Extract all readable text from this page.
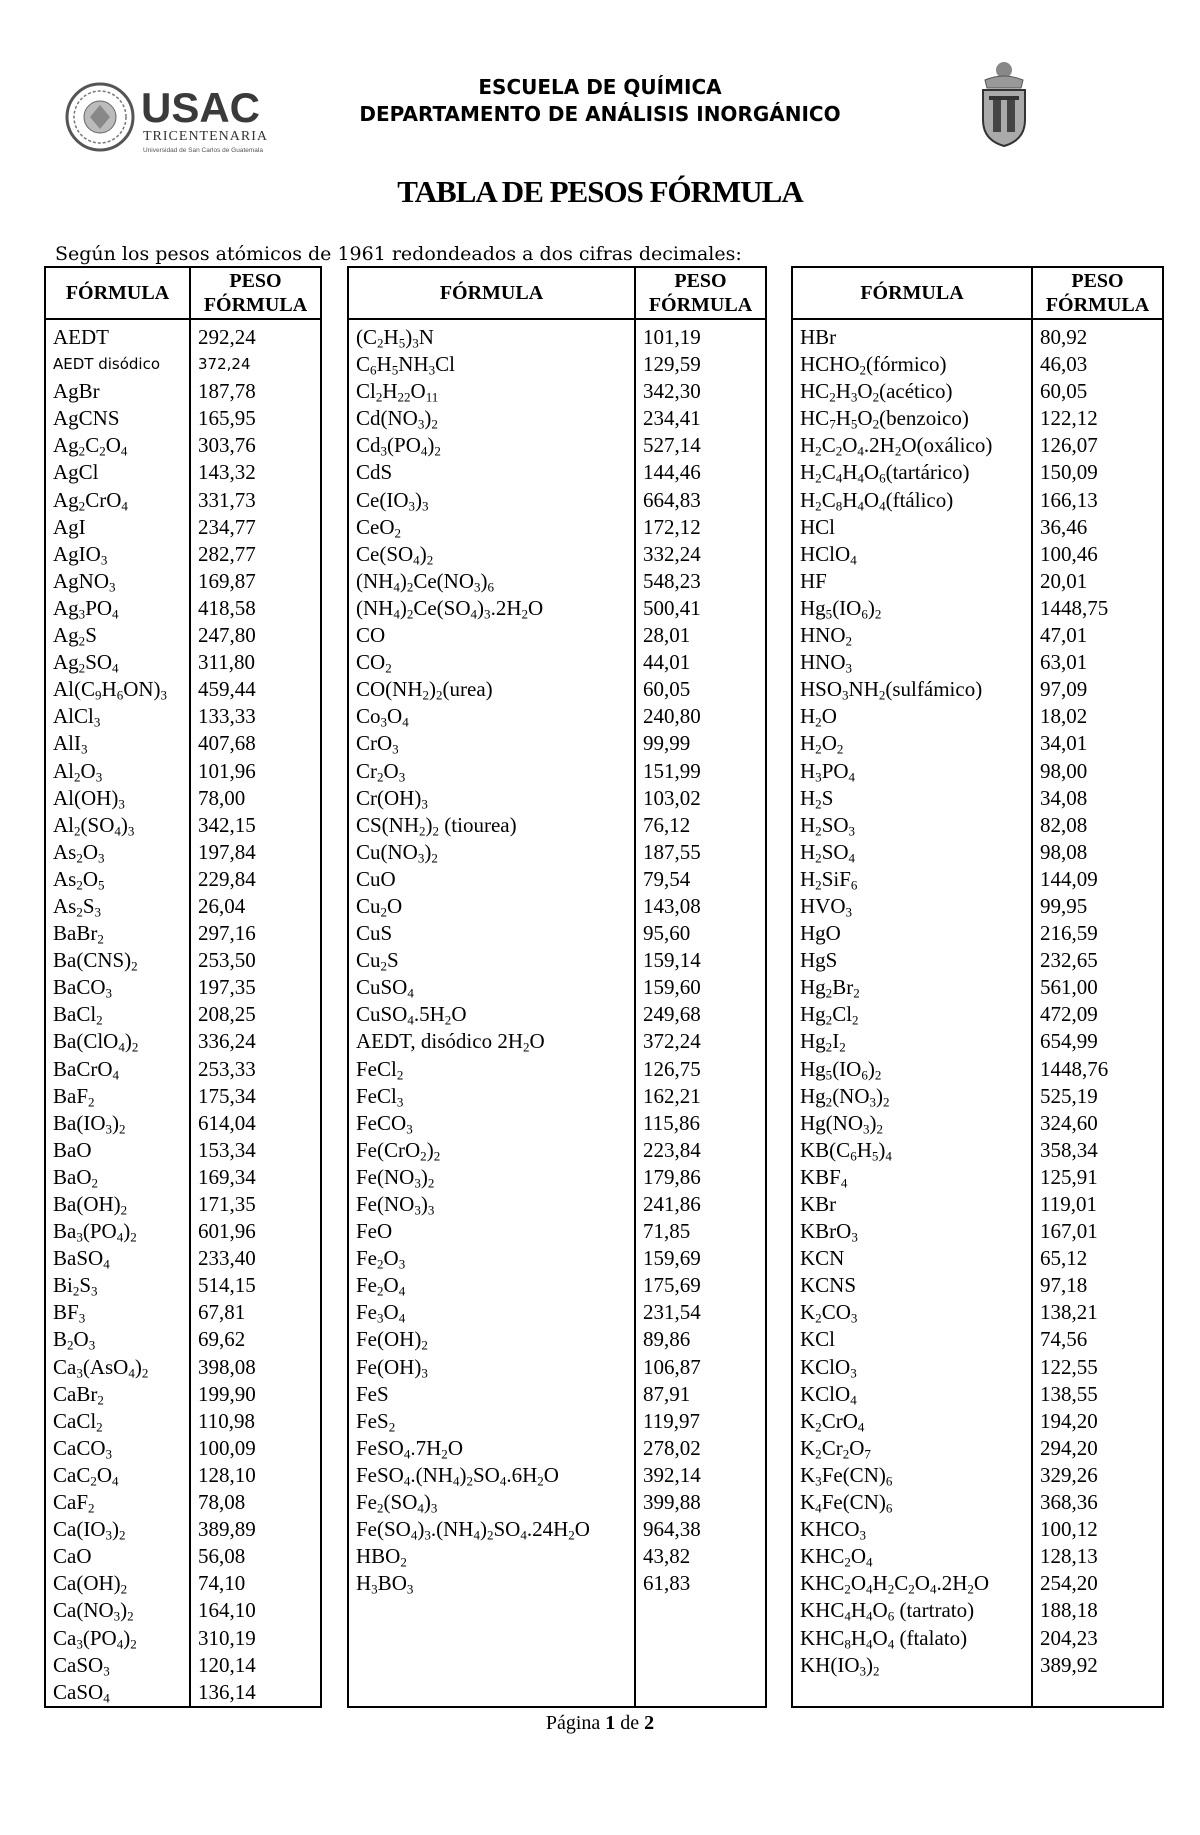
USAC
TRICENTENARIA
Universidad de San Carlos de Guatemala
ESCUELA DE QUÍMICA
DEPARTAMENTO DE ANÁLISIS INORGÁNICO
TABLA DE PESOS FÓRMULA
Según los pesos atómicos de 1961 redondeados a dos cifras decimales:
FÓRMULA	PESO
FÓRMULA
AEDT	292,24
AEDT disódico	372,24
AgBr	187,78
AgCNS	165,95
$Ag_2C_2O_4$	303,76
AgCl	143,32
$Ag_2CrO_4$	331,73
AgI	234,77
AgIO$_3$	282,77
AgNO$_3$	169,87
$Ag_3PO_4$	418,58
$Ag_2S$	247,80
$Ag_2SO_4$	311,80
$Al(C_9H_6ON)_3$	459,44
AlCl$_3$	133,33
AlI$_3$	407,68
$Al_2O_3$	101,96
$Al(OH)_3$	78,00
$Al_2(SO_4)_3$	342,15
$As_2O_3$	197,84
$As_2O_5$	229,84
$As_2S_3$	26,04
BaBr$_2$	297,16
$Ba(CNS)_2$	253,50
BaCO$_3$	197,35
BaCl$_2$	208,25
$Ba(ClO_4)_2$	336,24
BaCrO$_4$	253,33
BaF$_2$	175,34
$Ba(IO_3)_2$	614,04
BaO	153,34
BaO$_2$	169,34
$Ba(OH)_2$	171,35
$Ba_3(PO_4)_2$	601,96
BaSO$_4$	233,40
$Bi_2S_3$	514,15
$BF_3$	67,81
$B_2O_3$	69,62
$Ca_3(AsO_4)_2$	398,08
CaBr$_2$	199,90
CaCl$_2$	110,98
CaCO$_3$	100,09
$CaC_2O_4$	128,10
CaF$_2$	78,08
$Ca(IO_3)_2$	389,89
CaO	56,08
$Ca(OH)_2$	74,10
$Ca(NO_3)_2$	164,10
$Ca_3(PO_4)_2$	310,19
CaSO$_3$	120,14
CaSO$_4$	136,14
FÓRMULA	PESO
FÓRMULA
$(C_2H_5)_3N$	101,19
$C_6H_5NH_3Cl$	129,59
$Cl_2H_{22}O_{11}$	342,30
$Cd(NO_3)_2$	234,41
$Cd_3(PO_4)_2$	527,14
CdS	144,46
$Ce(IO_3)_3$	664,83
CeO$_2$	172,12
$Ce(SO_4)_2$	332,24
$(NH_4)_2Ce(NO_3)_6$	548,23
$(NH_4)_2Ce(SO_4)_3.2H_2O$	500,41
CO	28,01
$CO_2$	44,01
$CO(NH_2)_2(urea)$	60,05
$Co_3O_4$	240,80
CrO$_3$	99,99
$Cr_2O_3$	151,99
$Cr(OH)_3$	103,02
$CS(NH_2)_2$ (tiourea)	76,12
$Cu(NO_3)_2$	187,55
CuO	79,54
$Cu_2O$	143,08
CuS	95,60
$Cu_2S$	159,14
CuSO$_4$	159,60
$CuSO_4.5H_2O$	249,68
AEDT, disódico $2H_2O$	372,24
FeCl$_2$	126,75
FeCl$_3$	162,21
FeCO$_3$	115,86
$Fe(CrO_2)_2$	223,84
$Fe(NO_3)_2$	179,86
$Fe(NO_3)_3$	241,86
FeO	71,85
$Fe_2O_3$	159,69
$Fe_2O_4$	175,69
$Fe_3O_4$	231,54
$Fe(OH)_2$	89,86
$Fe(OH)_3$	106,87
FeS	87,91
FeS$_2$	119,97
$FeSO_4.7H_2O$	278,02
$FeSO_4.(NH_4)_2SO_4.6H_2O$	392,14
$Fe_2(SO_4)_3$	399,88
$Fe(SO_4)_3.(NH_4)_2SO_4.24H_2O$	964,38
$HBO_2$	43,82
$H_3BO_3$	61,83

FÓRMULA	PESO
FÓRMULA
HBr	80,92
$HCHO_2(fórmico)$	46,03
$HC_2H_3O_2(acético)$	60,05
$HC_7H_5O_2(benzoico)$	122,12
$H_2C_2O_4.2H_2O(oxálico)$	126,07
$H_2C_4H_4O_6(tartárico)$	150,09
$H_2C_8H_4O_4(ftálico)$	166,13
HCl	36,46
HClO$_4$	100,46
HF	20,01
$Hg_5(IO_6)_2$	1448,75
$HNO_2$	47,01
$HNO_3$	63,01
$HSO_3NH_2(sulfámico)$	97,09
$H_2O$	18,02
$H_2O_2$	34,01
$H_3PO_4$	98,00
$H_2S$	34,08
$H_2SO_3$	82,08
$H_2SO_4$	98,08
$H_2SiF_6$	144,09
$HVO_3$	99,95
HgO	216,59
HgS	232,65
$Hg_2Br_2$	561,00
$Hg_2Cl_2$	472,09
$Hg_2I_2$	654,99
$Hg_5(IO_6)_2$	1448,76
$Hg_2(NO_3)_2$	525,19
$Hg(NO_3)_2$	324,60
$KB(C_6H_5)_4$	358,34
$KBF_4$	125,91
KBr	119,01
KBrO$_3$	167,01
KCN	65,12
KCNS	97,18
$K_2CO_3$	138,21
KCl	74,56
KClO$_3$	122,55
KClO$_4$	138,55
$K_2CrO_4$	194,20
$K_2Cr_2O_7$	294,20
$K_3Fe(CN)_6$	329,26
$K_4Fe(CN)_6$	368,36
$KHCO_3$	100,12
$KHC_2O_4$	128,13
$KHC_2O_4H_2C_2O_4.2H_2O$	254,20
$KHC_4H_4O_6$ (tartrato)	188,18
$KHC_8H_4O_4$ (ftalato)	204,23
$KH(IO_3)_2$	389,92

Página 1 de 2
